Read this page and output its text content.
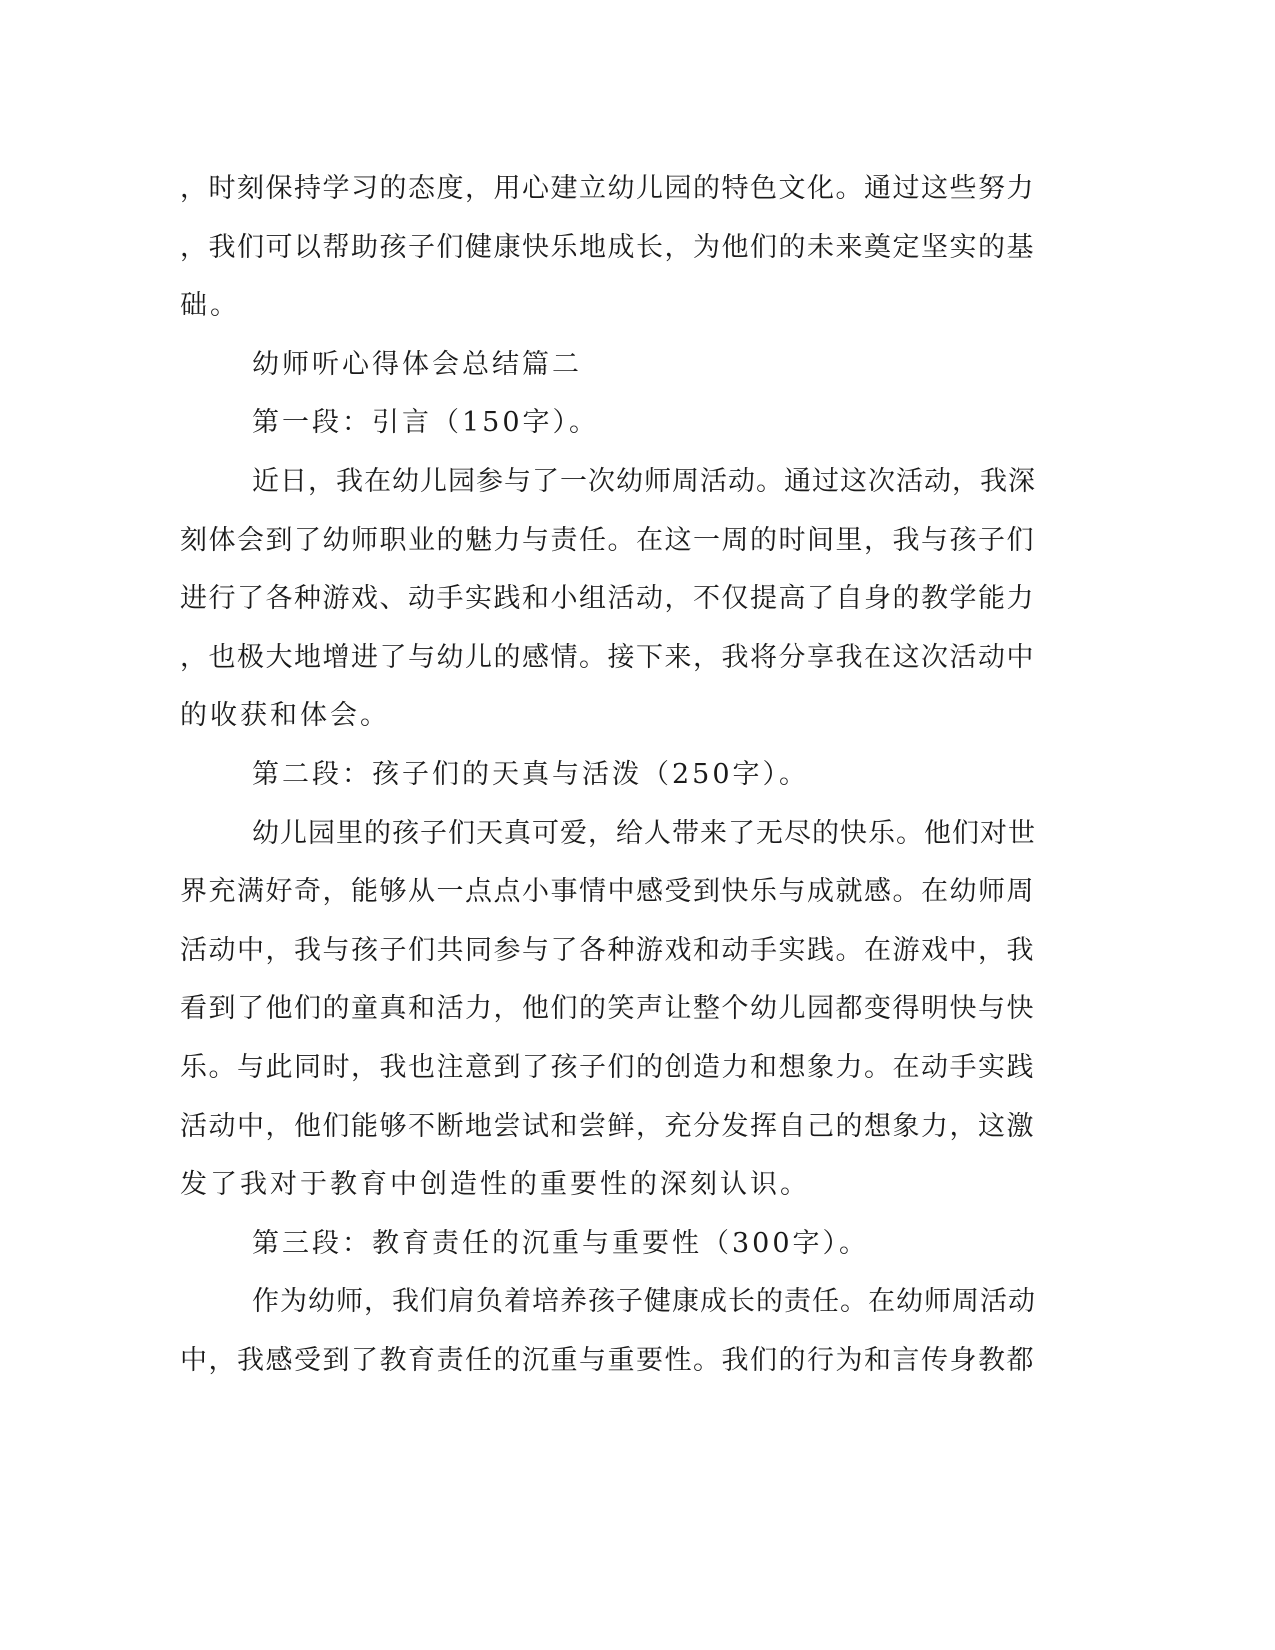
，时刻保持学习的态度，用心建立幼儿园的特色文化。通过这些努力
，我们可以帮助孩子们健康快乐地成长，为他们的未来奠定坚实的基
础。
幼师听心得体会总结篇二
第一段：引言（150字）。
近日，我在幼儿园参与了一次幼师周活动。通过这次活动，我深
刻体会到了幼师职业的魅力与责任。在这一周的时间里，我与孩子们
进行了各种游戏、动手实践和小组活动，不仅提高了自身的教学能力
，也极大地增进了与幼儿的感情。接下来，我将分享我在这次活动中
的收获和体会。
第二段：孩子们的天真与活泼（250字）。
幼儿园里的孩子们天真可爱，给人带来了无尽的快乐。他们对世
界充满好奇，能够从一点点小事情中感受到快乐与成就感。在幼师周
活动中，我与孩子们共同参与了各种游戏和动手实践。在游戏中，我
看到了他们的童真和活力，他们的笑声让整个幼儿园都变得明快与快
乐。与此同时，我也注意到了孩子们的创造力和想象力。在动手实践
活动中，他们能够不断地尝试和尝鲜，充分发挥自己的想象力，这激
发了我对于教育中创造性的重要性的深刻认识。
第三段：教育责任的沉重与重要性（300字）。
作为幼师，我们肩负着培养孩子健康成长的责任。在幼师周活动
中，我感受到了教育责任的沉重与重要性。我们的行为和言传身教都
